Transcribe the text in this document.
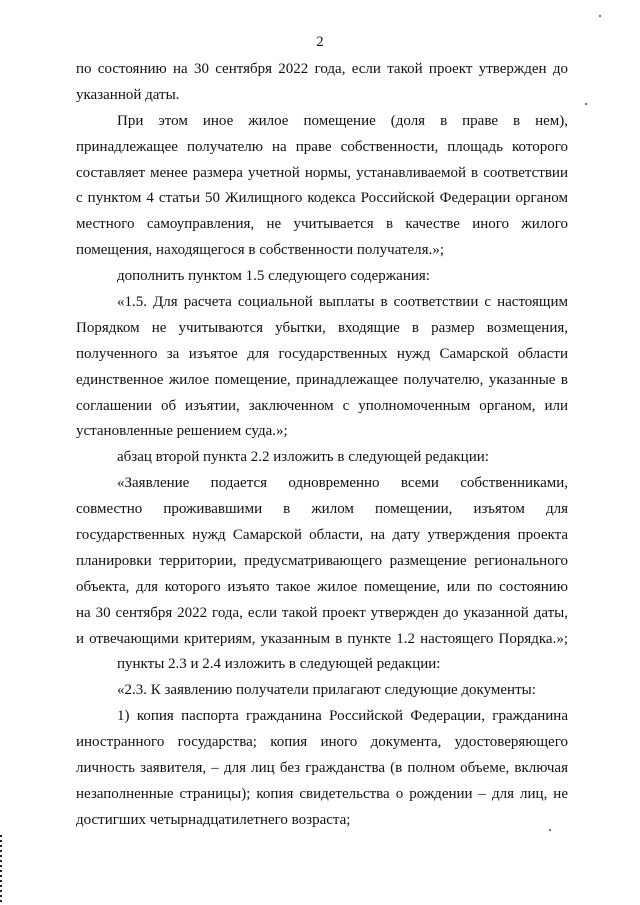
2
по состоянию на 30 сентября 2022 года, если такой проект утвержден до
указанной даты.
При этом иное жилое помещение (доля в праве в нем),
принадлежащее получателю на праве собственности, площадь которого
составляет менее размера учетной нормы, устанавливаемой в соответствии
с пунктом 4 статьи 50 Жилищного кодекса Российской Федерации органом
местного самоуправления, не учитывается в качестве иного жилого
помещения, находящегося в собственности получателя.»;
дополнить пунктом 1.5 следующего содержания:
«1.5. Для расчета социальной выплаты в соответствии с настоящим
Порядком не учитываются убытки, входящие в размер возмещения,
полученного за изъятое для государственных нужд Самарской области
единственное жилое помещение, принадлежащее получателю, указанные в
соглашении об изъятии, заключенном с уполномоченным органом, или
установленные решением суда.»;
абзац второй пункта 2.2 изложить в следующей редакции:
«Заявление подается одновременно всеми собственниками,
совместно проживавшими в жилом помещении, изъятом для
государственных нужд Самарской области, на дату утверждения проекта
планировки территории, предусматривающего размещение регионального
объекта, для которого изъято такое жилое помещение, или по состоянию
на 30 сентября 2022 года, если такой проект утвержден до указанной даты,
и отвечающими критериям, указанным в пункте 1.2 настоящего Порядка.»;
пункты 2.3 и 2.4 изложить в следующей редакции:
«2.3. К заявлению получатели прилагают следующие документы:
1) копия паспорта гражданина Российской Федерации, гражданина
иностранного государства; копия иного документа, удостоверяющего
личность заявителя, – для лиц без гражданства (в полном объеме, включая
незаполненные страницы); копия свидетельства о рождении – для лиц, не
достигших четырнадцатилетнего возраста;
